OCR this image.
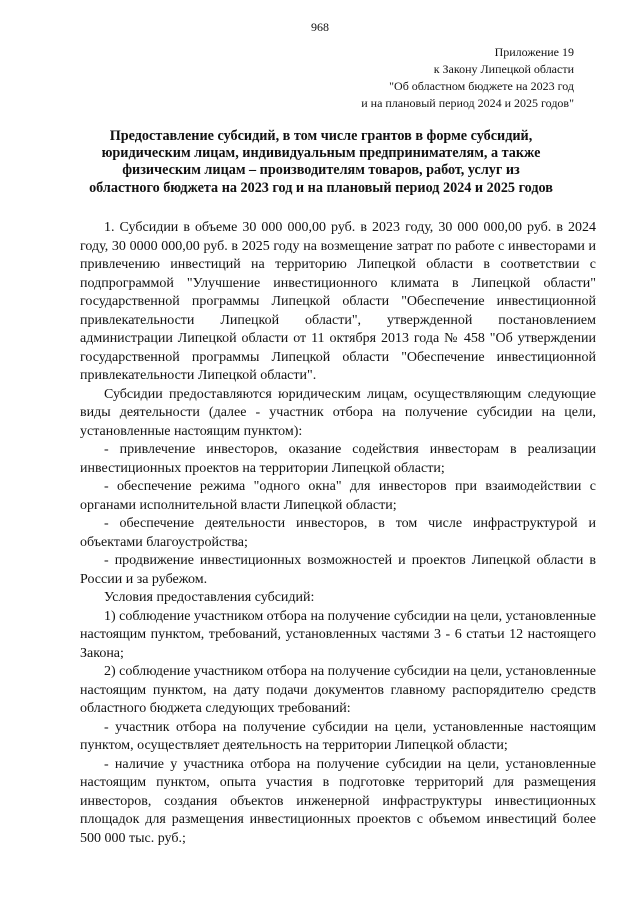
968
Приложение 19
к Закону Липецкой области
"Об областном бюджете на 2023 год
и на плановый период 2024 и 2025 годов"
Предоставление субсидий, в том числе грантов в форме субсидий, юридическим лицам, индивидуальным предпринимателям, а также физическим лицам – производителям товаров, работ, услуг из областного бюджета на 2023 год и на плановый период 2024 и 2025 годов

1. Субсидии в объеме 30 000 000,00 руб. в 2023 году, 30 000 000,00 руб. в 2024 году, 30 0000 000,00 руб. в 2025 году на возмещение затрат по работе с инвесторами и привлечению инвестиций на территорию Липецкой области в соответствии с подпрограммой "Улучшение инвестиционного климата в Липецкой области" государственной программы Липецкой области "Обеспечение инвестиционной привлекательности Липецкой области", утвержденной постановлением администрации Липецкой области от 11 октября 2013 года № 458 "Об утверждении государственной программы Липецкой области "Обеспечение инвестиционной привлекательности Липецкой области".

Субсидии предоставляются юридическим лицам, осуществляющим следующие виды деятельности (далее - участник отбора на получение субсидии на цели, установленные настоящим пунктом):

- привлечение инвесторов, оказание содействия инвесторам в реализации инвестиционных проектов на территории Липецкой области;

- обеспечение режима "одного окна" для инвесторов при взаимодействии с органами исполнительной власти Липецкой области;

- обеспечение деятельности инвесторов, в том числе инфраструктурой и объектами благоустройства;

- продвижение инвестиционных возможностей и проектов Липецкой области в России и за рубежом.

Условия предоставления субсидий:

1) соблюдение участником отбора на получение субсидии на цели, установленные настоящим пунктом, требований, установленных частями 3 - 6 статьи 12 настоящего Закона;

2) соблюдение участником отбора на получение субсидии на цели, установленные настоящим пунктом, на дату подачи документов главному распорядителю средств областного бюджета следующих требований:

- участник отбора на получение субсидии на цели, установленные настоящим пунктом, осуществляет деятельность на территории Липецкой области;

- наличие у участника отбора на получение субсидии на цели, установленные настоящим пунктом, опыта участия в подготовке территорий для размещения инвесторов, создания объектов инженерной инфраструктуры инвестиционных площадок для размещения инвестиционных проектов с объемом инвестиций более 500 000 тыс. руб.;
